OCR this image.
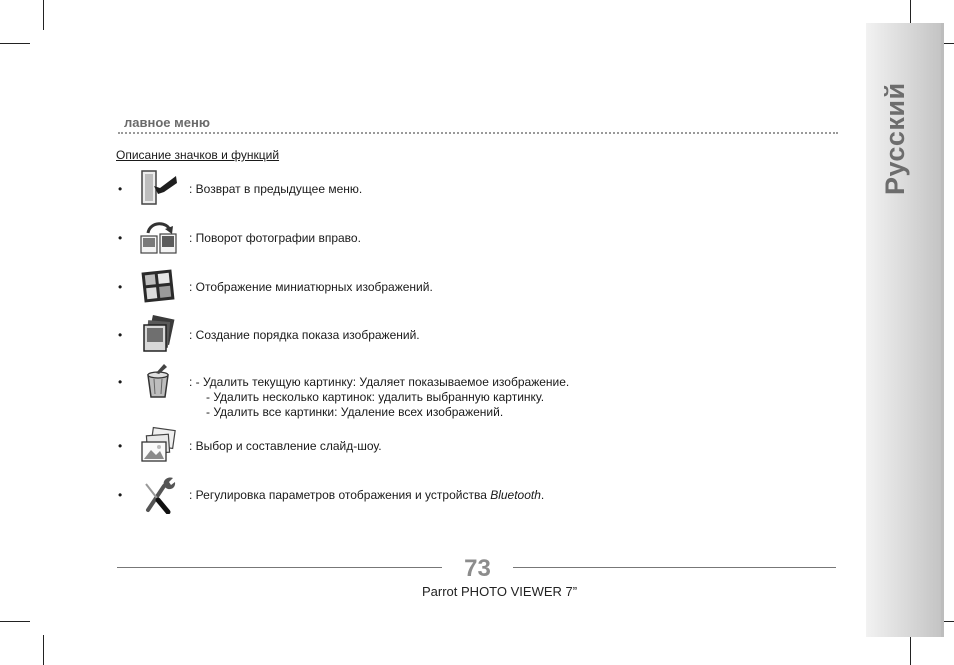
Русский
лавное меню
Описание значков и функций
•	: Возврат в предыдущее меню.
•	: Поворот фотографии вправо.
•	: Отображение миниатюрных изображений.
•	: Создание порядка показа изображений.
•	: - Удалить текущую картинку: Удаляет показываемое изображение.
- Удалить несколько картинок: удалить выбранную картинку.
- Удалить все картинки: Удаление всех изображений.
•	: Выбор и составление слайд-шоу.
•	: Регулировка параметров отображения и устройства Bluetooth.
73
Parrot PHOTO VIEWER 7”
